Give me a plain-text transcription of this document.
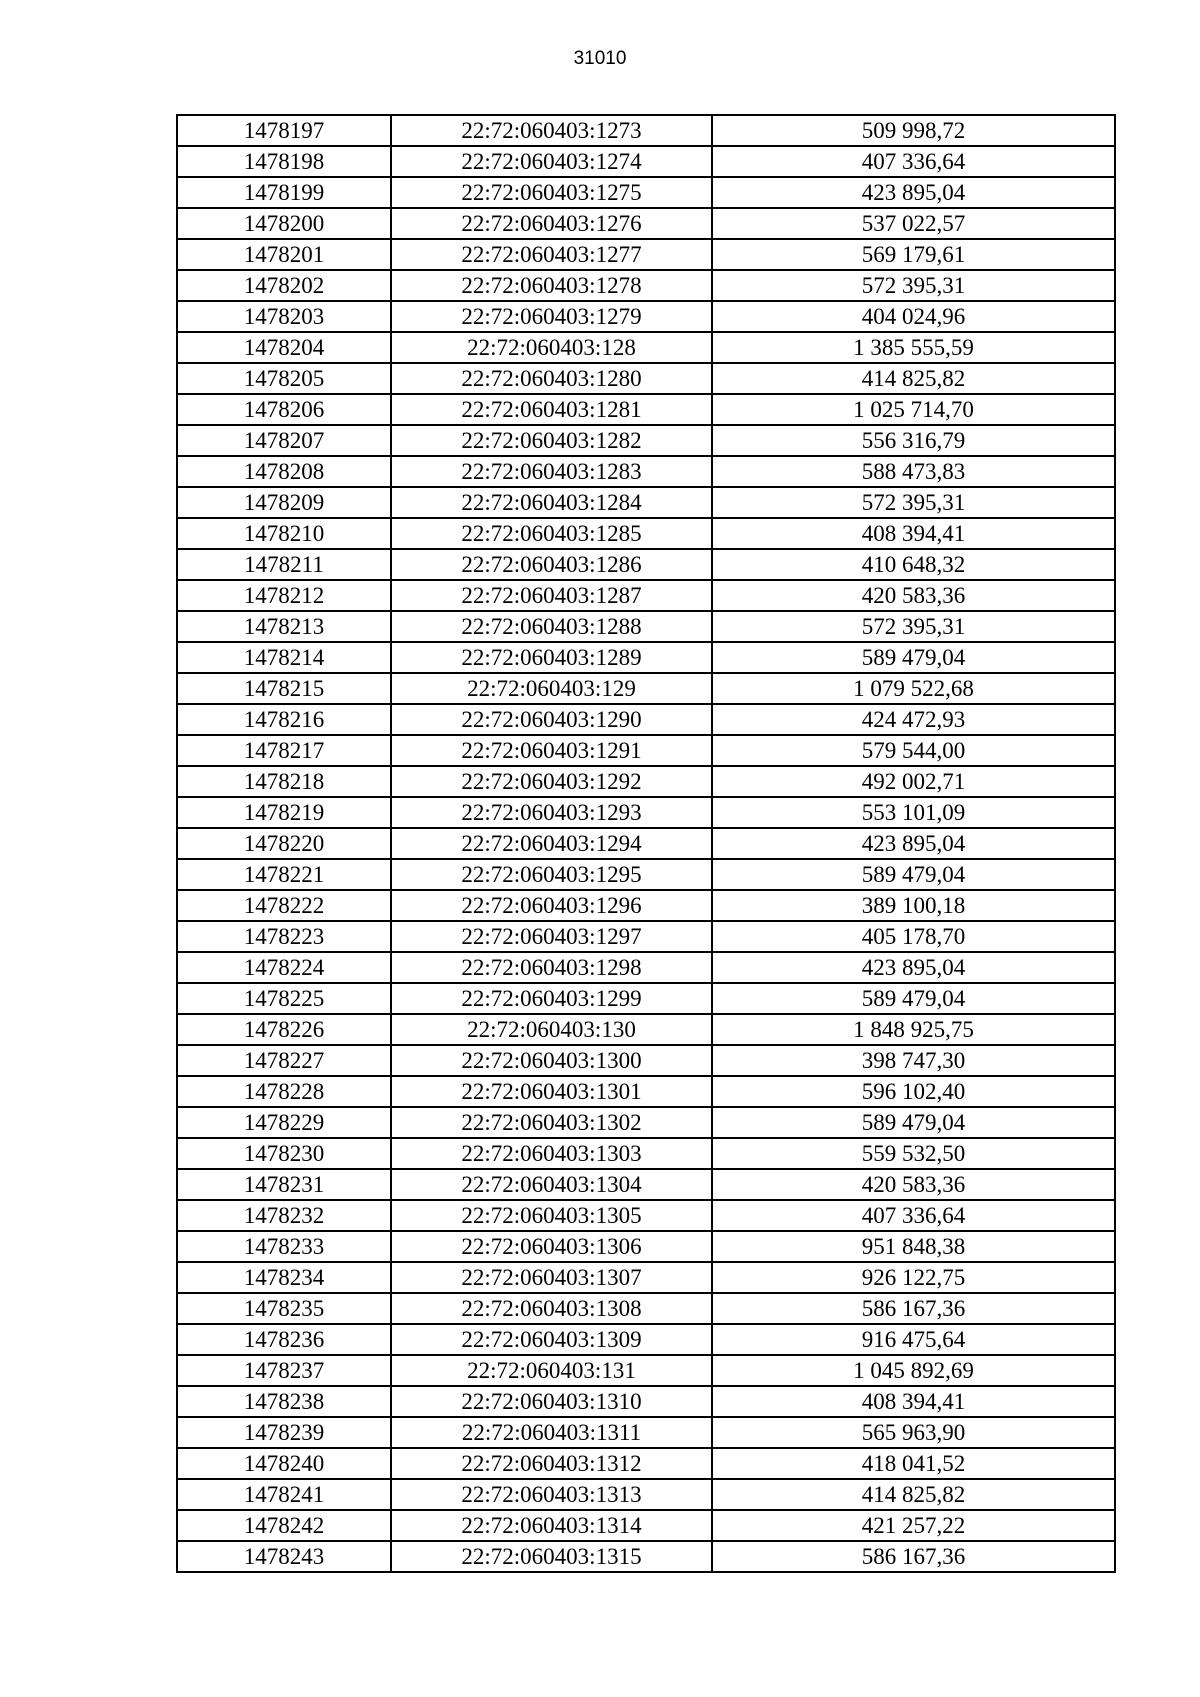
31010
1478197	22:72:060403:1273	509 998,72
1478198	22:72:060403:1274	407 336,64
1478199	22:72:060403:1275	423 895,04
1478200	22:72:060403:1276	537 022,57
1478201	22:72:060403:1277	569 179,61
1478202	22:72:060403:1278	572 395,31
1478203	22:72:060403:1279	404 024,96
1478204	22:72:060403:128	1 385 555,59
1478205	22:72:060403:1280	414 825,82
1478206	22:72:060403:1281	1 025 714,70
1478207	22:72:060403:1282	556 316,79
1478208	22:72:060403:1283	588 473,83
1478209	22:72:060403:1284	572 395,31
1478210	22:72:060403:1285	408 394,41
1478211	22:72:060403:1286	410 648,32
1478212	22:72:060403:1287	420 583,36
1478213	22:72:060403:1288	572 395,31
1478214	22:72:060403:1289	589 479,04
1478215	22:72:060403:129	1 079 522,68
1478216	22:72:060403:1290	424 472,93
1478217	22:72:060403:1291	579 544,00
1478218	22:72:060403:1292	492 002,71
1478219	22:72:060403:1293	553 101,09
1478220	22:72:060403:1294	423 895,04
1478221	22:72:060403:1295	589 479,04
1478222	22:72:060403:1296	389 100,18
1478223	22:72:060403:1297	405 178,70
1478224	22:72:060403:1298	423 895,04
1478225	22:72:060403:1299	589 479,04
1478226	22:72:060403:130	1 848 925,75
1478227	22:72:060403:1300	398 747,30
1478228	22:72:060403:1301	596 102,40
1478229	22:72:060403:1302	589 479,04
1478230	22:72:060403:1303	559 532,50
1478231	22:72:060403:1304	420 583,36
1478232	22:72:060403:1305	407 336,64
1478233	22:72:060403:1306	951 848,38
1478234	22:72:060403:1307	926 122,75
1478235	22:72:060403:1308	586 167,36
1478236	22:72:060403:1309	916 475,64
1478237	22:72:060403:131	1 045 892,69
1478238	22:72:060403:1310	408 394,41
1478239	22:72:060403:1311	565 963,90
1478240	22:72:060403:1312	418 041,52
1478241	22:72:060403:1313	414 825,82
1478242	22:72:060403:1314	421 257,22
1478243	22:72:060403:1315	586 167,36
